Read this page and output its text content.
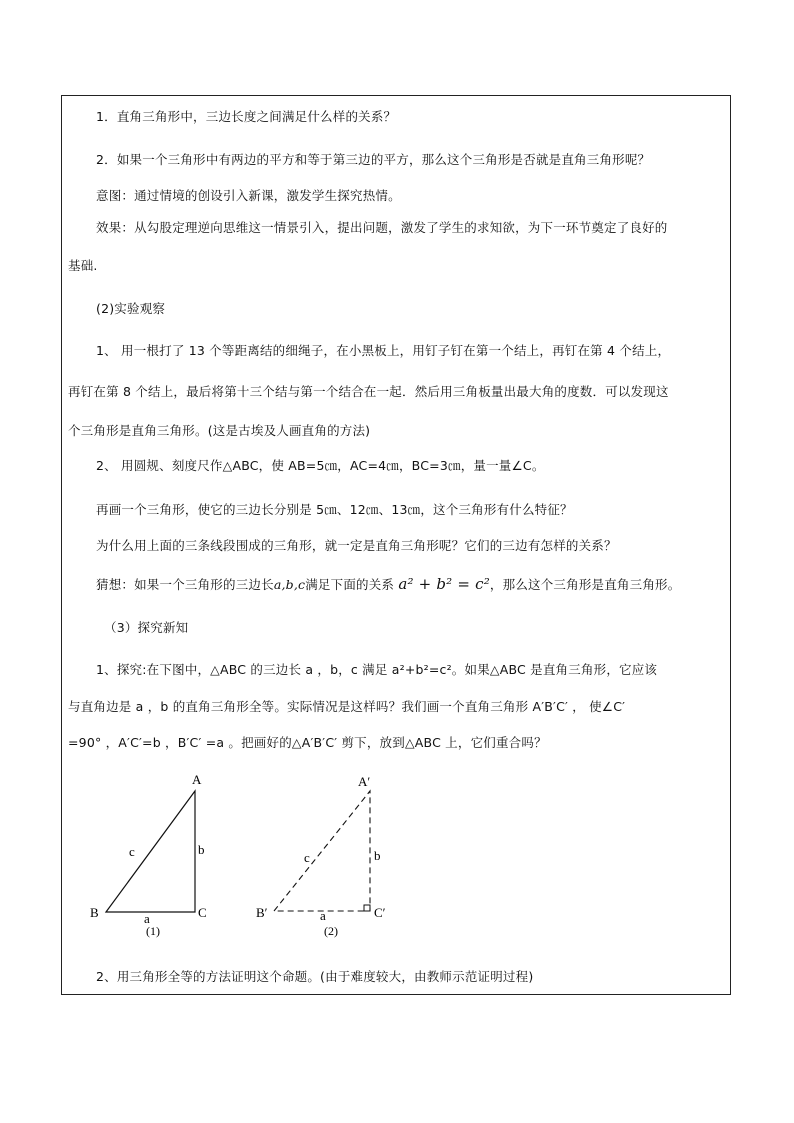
1．直角三角形中，三边长度之间满足什么样的关系？
2．如果一个三角形中有两边的平方和等于第三边的平方，那么这个三角形是否就是直角三角形呢？
意图：通过情境的创设引入新课，激发学生探究热情。
效果：从勾股定理逆向思维这一情景引入，提出问题，激发了学生的求知欲，为下一环节奠定了良好的
基础.
(2)实验观察
1、 用一根打了 13 个等距离结的细绳子，在小黑板上，用钉子钉在第一个结上，再钉在第 4 个结上，
再钉在第 8 个结上，最后将第十三个结与第一个结合在一起．然后用三角板量出最大角的度数．可以发现这
个三角形是直角三角形。(这是古埃及人画直角的方法)
2、 用圆规、刻度尺作△ABC，使 AB=5㎝，AC=4㎝，BC=3㎝，量一量∠C。
再画一个三角形，使它的三边长分别是 5㎝、12㎝、13㎝，这个三角形有什么特征？
为什么用上面的三条线段围成的三角形，就一定是直角三角形呢？它们的三边有怎样的关系？
猜想：如果一个三角形的三边长a,b,c满足下面的关系 a² + b² = c²，那么这个三角形是直角三角形。
（3）探究新知
1、探究:在下图中，△ABC 的三边长 a ，b，c 满足 a²+b²=c²。如果△ABC 是直角三角形，它应该
与直角边是 a ，b 的直角三角形全等。实际情况是这样吗？我们画一个直角三角形 A′B′C′ ， 使∠C′
=90° ，A′C′=b ，B′C′ =a 。把画好的△A′B′C′ 剪下，放到△ABC 上，它们重合吗？
A
B	C
a
b
c
(1)
A′
B′	C′
a
b
c
(2)
2、用三角形全等的方法证明这个命题。(由于难度较大，由教师示范证明过程)
